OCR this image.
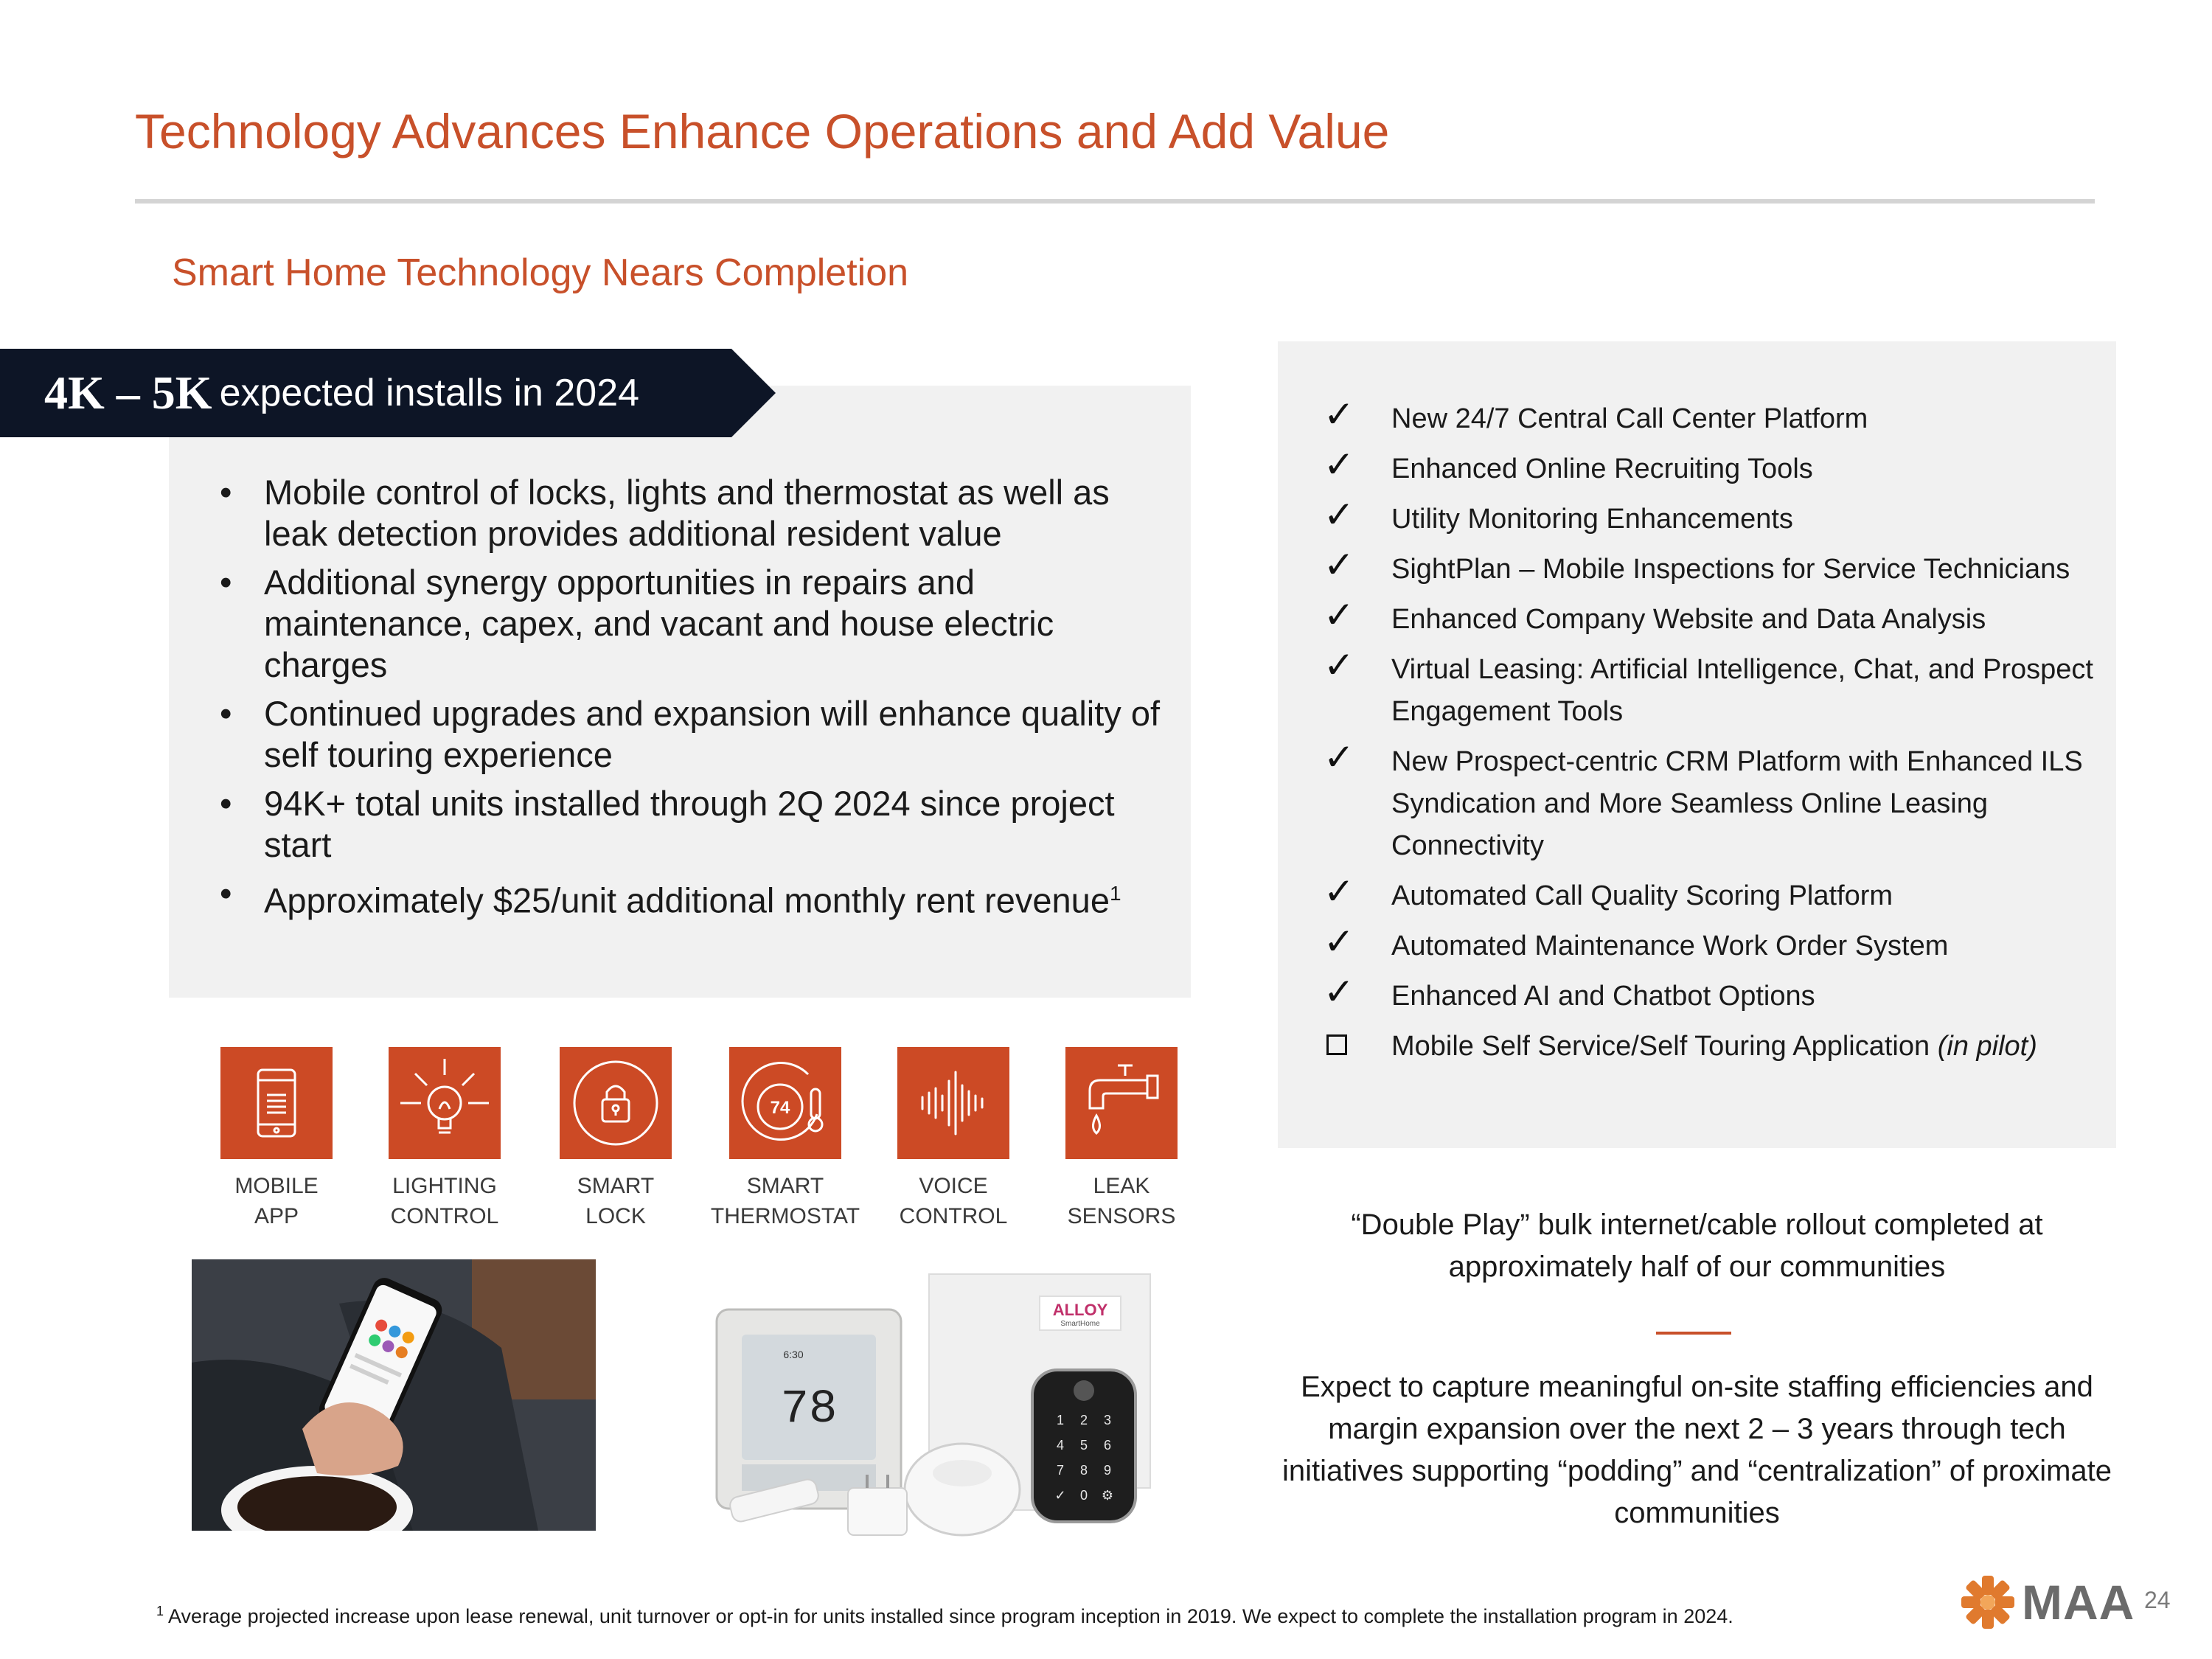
Technology Advances Enhance Operations and Add Value
Smart Home Technology Nears Completion
4K – 5K expected installs in 2024
• Mobile control of locks, lights and thermostat as well as leak detection provides additional resident value
• Additional synergy opportunities in repairs and maintenance, capex, and vacant and house electric charges
• Continued upgrades and expansion will enhance quality of self touring experience
• 94K+ total units installed through 2Q 2024 since project start
• Approximately $25/unit additional monthly rent revenue$^1$
MOBILE
APP
LIGHTING
CONTROL
SMART
LOCK
74
SMART
THERMOSTAT
VOICE
CONTROL
LEAK
SENSORS
ALLOY
SmartHome
6:30
78	1 2 3
4 5 6
7 8 9
✓ 0 ⚙
✓ New 24/7 Central Call Center Platform
✓ Enhanced Online Recruiting Tools
✓ Utility Monitoring Enhancements
✓ SightPlan – Mobile Inspections for Service Technicians
✓ Enhanced Company Website and Data Analysis
✓ Virtual Leasing: Artificial Intelligence, Chat, and Prospect Engagement Tools
✓ New Prospect-centric CRM Platform with Enhanced ILS Syndication and More Seamless Online Leasing Connectivity
✓ Automated Call Quality Scoring Platform
✓ Automated Maintenance Work Order System
✓ Enhanced AI and Chatbot Options
Mobile Self Service/Self Touring Application (in pilot)
“Double Play” bulk internet/cable rollout completed at approximately half of our communities
Expect to capture meaningful on-site staffing efficiencies and margin expansion over the next 2 – 3 years through tech initiatives supporting “podding” and “centralization” of proximate communities
$^1$ Average projected increase upon lease renewal, unit turnover or opt-in for units installed since program inception in 2019. We expect to complete the installation program in 2024.	MAA 24
